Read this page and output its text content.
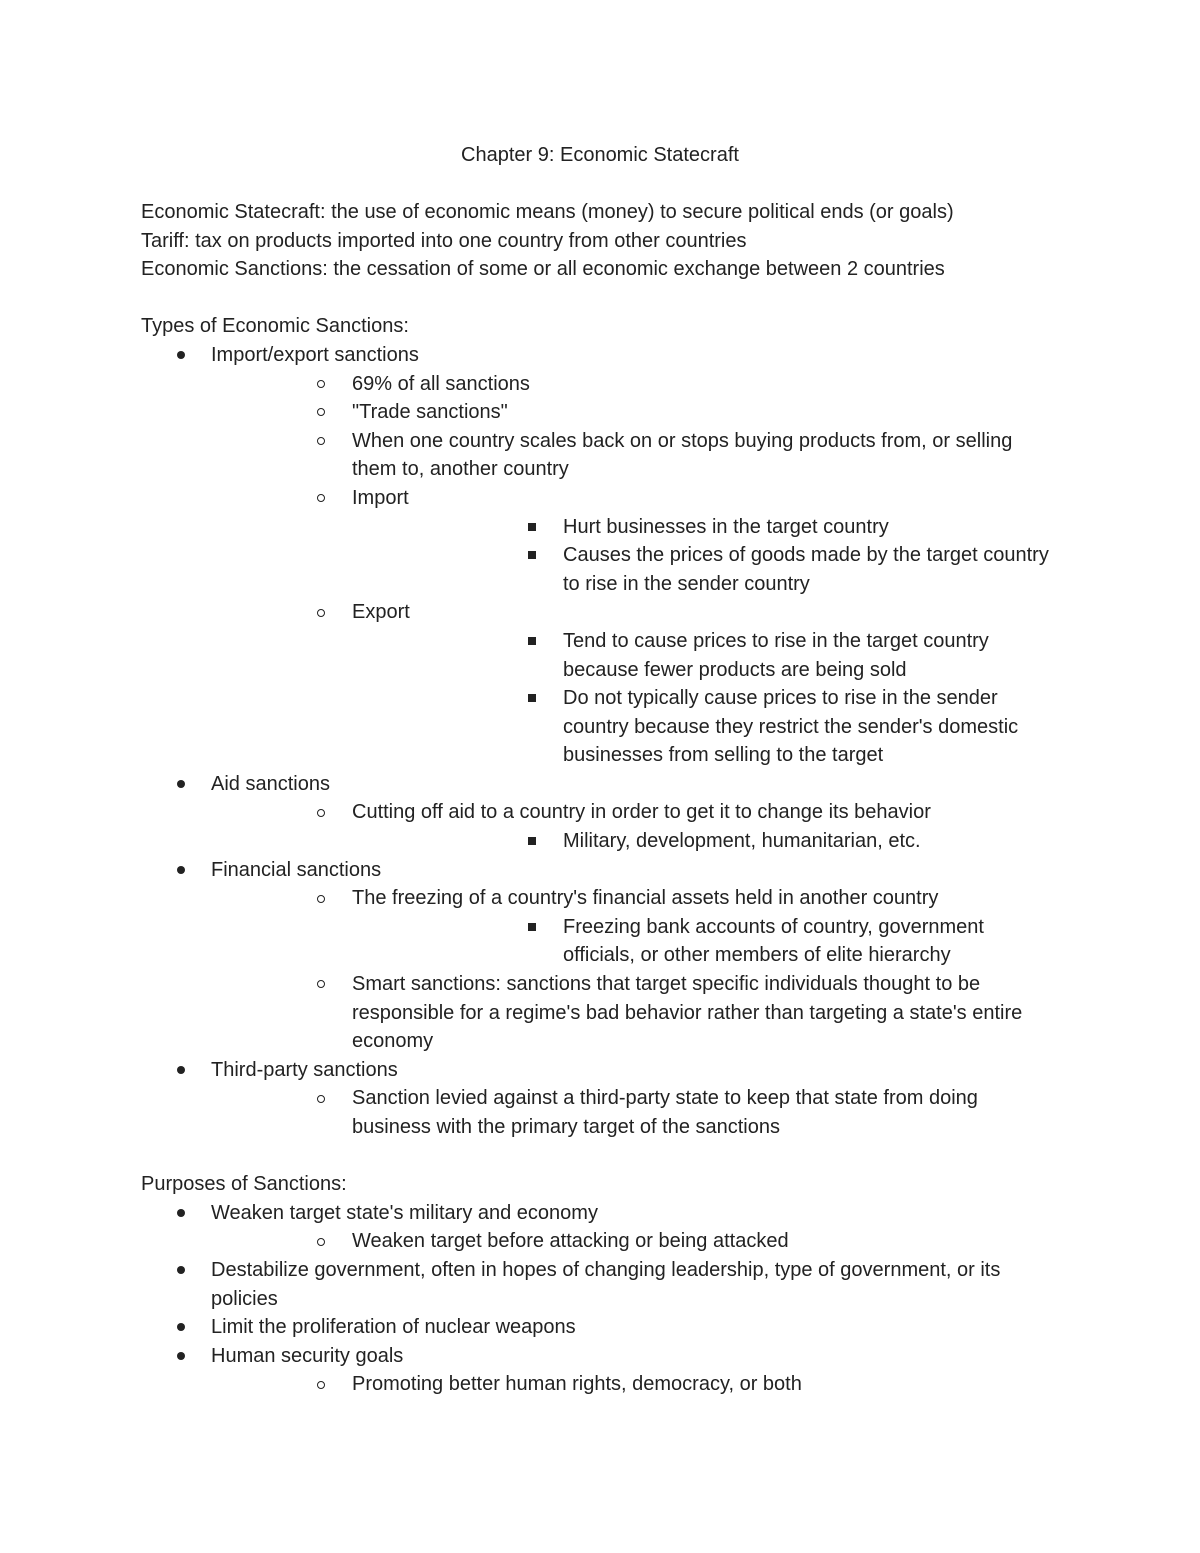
Chapter 9: Economic Statecraft

Economic Statecraft: the use of economic means (money) to secure political ends (or goals)

Tariff: tax on products imported into one country from other countries

Economic Sanctions: the cessation of some or all economic exchange between 2 countries

Types of Economic Sanctions:

Import/export sanctions
69% of all sanctions
"Trade sanctions"
When one country scales back on or stops buying products from, or selling them to, another country
Import
Hurt businesses in the target country
Causes the prices of goods made by the target country to rise in the sender country
Export
Tend to cause prices to rise in the target country because fewer products are being sold
Do not typically cause prices to rise in the sender country because they restrict the sender's domestic businesses from selling to the target
Aid sanctions
Cutting off aid to a country in order to get it to change its behavior
Military, development, humanitarian, etc.
Financial sanctions
The freezing of a country's financial assets held in another country
Freezing bank accounts of country, government officials, or other members of elite hierarchy
Smart sanctions: sanctions that target specific individuals thought to be responsible for a regime's bad behavior rather than targeting a state's entire economy
Third-party sanctions
Sanction levied against a third-party state to keep that state from doing business with the primary target of the sanctions

Purposes of Sanctions:

Weaken target state's military and economy
Weaken target before attacking or being attacked
Destabilize government, often in hopes of changing leadership, type of government, or its policies
Limit the proliferation of nuclear weapons
Human security goals
Promoting better human rights, democracy, or both
